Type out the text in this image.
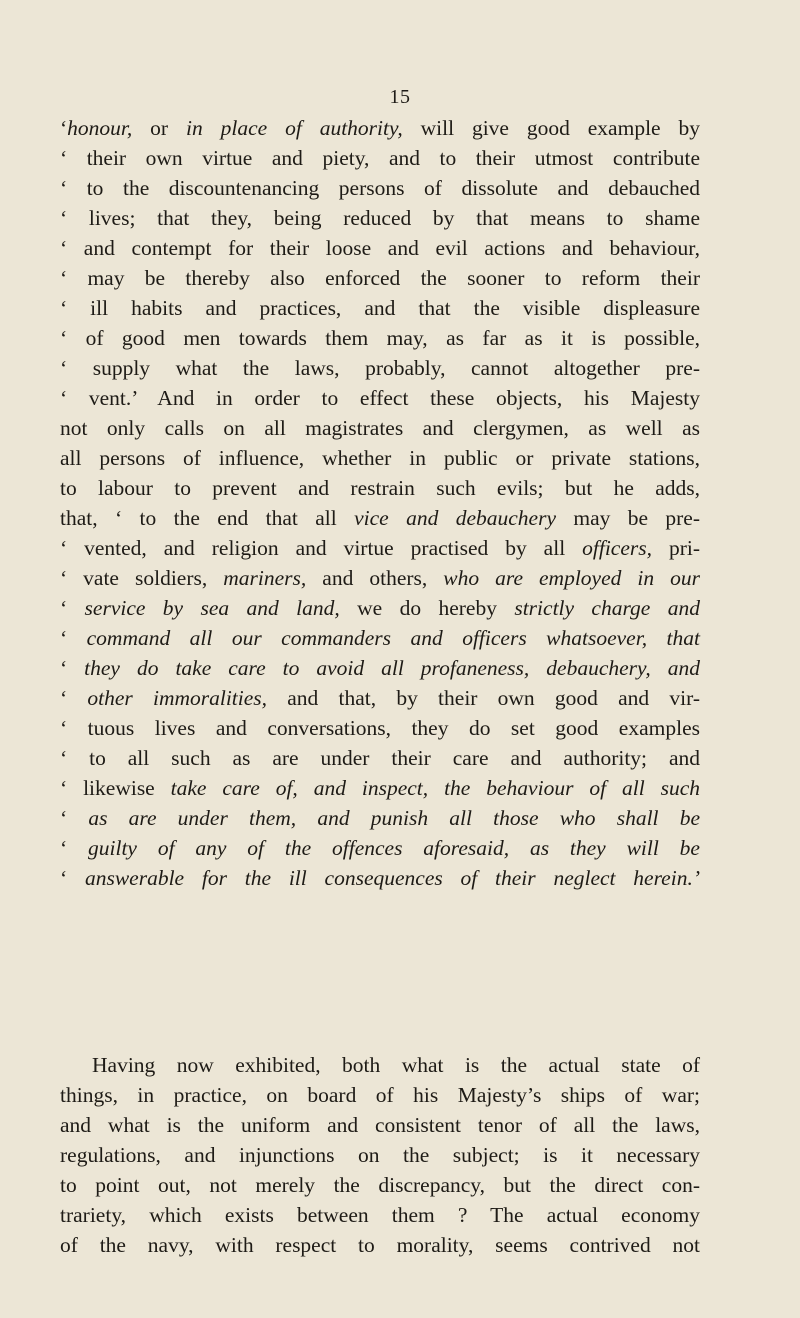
15
‘honour, or in place of authority, will give good example by
‘ their own virtue and piety, and to their utmost contribute
‘ to the discountenancing persons of dissolute and debauched
‘ lives; that they, being reduced by that means to shame
‘ and contempt for their loose and evil actions and behaviour,
‘ may be thereby also enforced the sooner to reform their
‘ ill habits and practices, and that the visible displeasure
‘ of good men towards them may, as far as it is possible,
‘ supply what the laws, probably, cannot altogether pre-
‘ vent.’ And in order to effect these objects, his Majesty
not only calls on all magistrates and clergymen, as well as
all persons of influence, whether in public or private stations,
to labour to prevent and restrain such evils; but he adds,
that, ‘ to the end that all vice and debauchery may be pre-
‘ vented, and religion and virtue practised by all officers, pri-
‘ vate soldiers, mariners, and others, who are employed in our
‘ service by sea and land, we do hereby strictly charge and
‘ command all our commanders and officers whatsoever, that
‘ they do take care to avoid all profaneness, debauchery, and
‘ other immoralities, and that, by their own good and vir-
‘ tuous lives and conversations, they do set good examples
‘ to all such as are under their care and authority; and
‘ likewise take care of, and inspect, the behaviour of all such
‘ as are under them, and punish all those who shall be
‘ guilty of any of the offences aforesaid, as they will be
‘ answerable for the ill consequences of their neglect herein.’
Having now exhibited, both what is the actual state of
things, in practice, on board of his Majesty’s ships of war;
and what is the uniform and consistent tenor of all the laws,
regulations, and injunctions on the subject; is it necessary
to point out, not merely the discrepancy, but the direct con-
trariety, which exists between them ? The actual economy
of the navy, with respect to morality, seems contrived not
